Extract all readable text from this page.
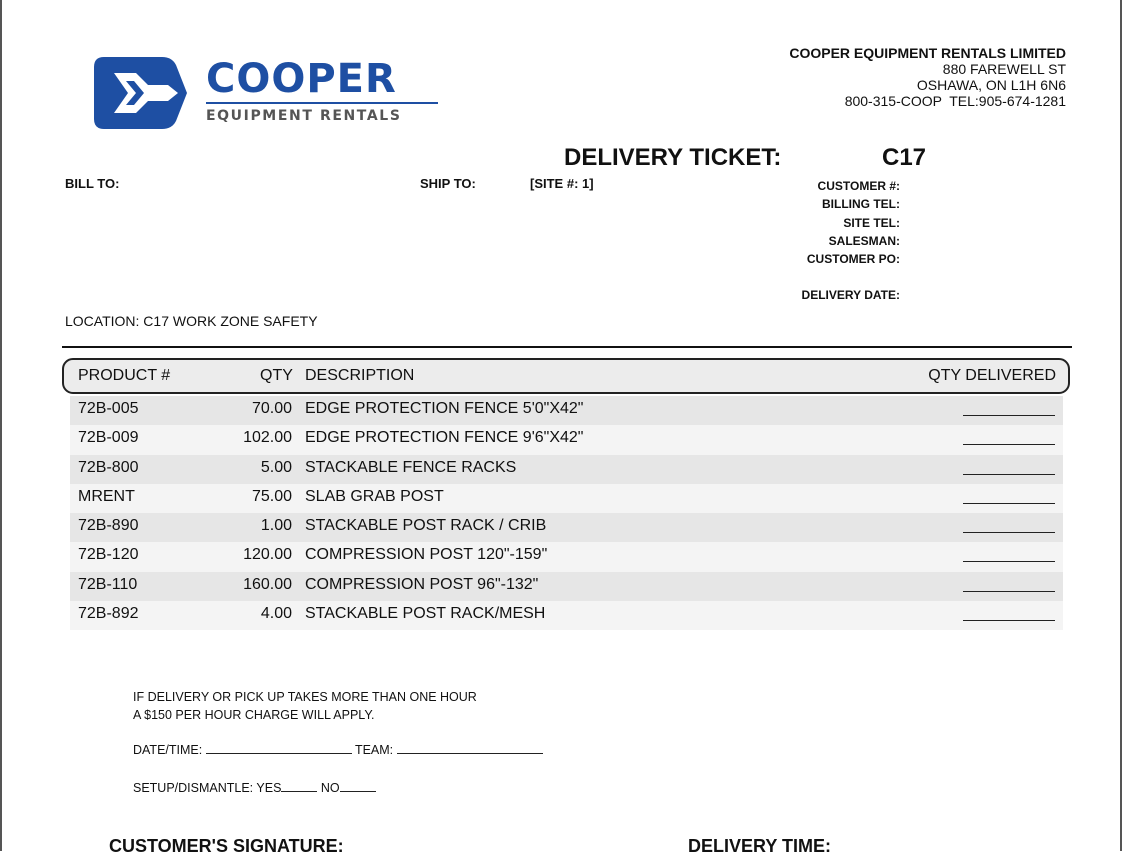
COOPER
EQUIPMENT RENTALS
COOPER EQUIPMENT RENTALS LIMITED
880 FAREWELL ST
OSHAWA, ON L1H 6N6
800-315-COOP  TEL:905-674-1281
DELIVERY TICKET:	C17
BILL TO:	SHIP TO:	[SITE #: 1]	CUSTOMER #:
BILLING TEL:
SITE TEL:
SALESMAN:
CUSTOMER PO:
DELIVERY DATE:
LOCATION: C17 WORK ZONE SAFETY
PRODUCT #	QTY DESCRIPTION	QTY DELIVERED
72B-005	70.00 EDGE PROTECTION FENCE 5'0"X42"
72B-009	102.00 EDGE PROTECTION FENCE 9'6"X42"
72B-800	5.00 STACKABLE FENCE RACKS
MRENT	75.00 SLAB GRAB POST
72B-890	1.00 STACKABLE POST RACK / CRIB
72B-120	120.00 COMPRESSION POST 120"-159"
72B-110	160.00 COMPRESSION POST 96"-132"
72B-892	4.00 STACKABLE POST RACK/MESH
IF DELIVERY OR PICK UP TAKES MORE THAN ONE HOUR
A $150 PER HOUR CHARGE WILL APPLY.
DATE/TIME:	TEAM:
SETUP/DISMANTLE: YES	NO
CUSTOMER'S SIGNATURE:	DELIVERY TIME:
